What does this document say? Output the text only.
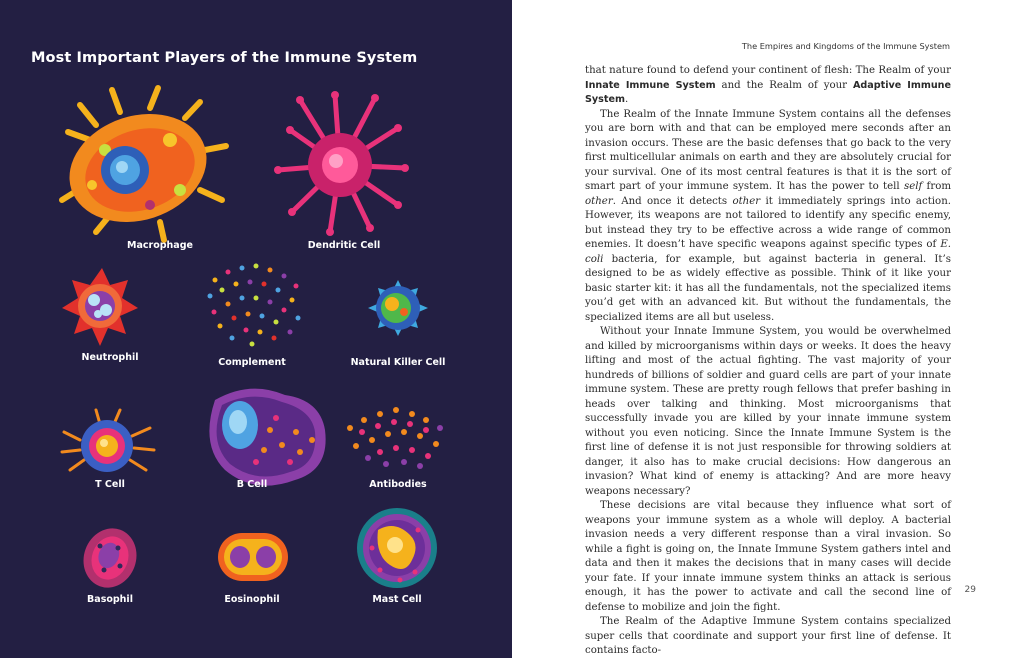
Most Important Players of the Immune System
Macrophage	Dendritic Cell
Neutrophil	Complement	Natural Killer Cell
T Cell	B Cell	Antibodies
Basophil	Eosinophil	Mast Cell
The Empires and Kingdoms of the Immune System

that nature found to defend your continent of flesh: The Realm of your Innate Immune System and the Realm of your Adaptive Immune System.

The Realm of the Innate Immune System contains all the defenses you are born with and that can be employed mere seconds after an invasion occurs. These are the basic defenses that go back to the very first multicellular animals on earth and they are absolutely crucial for your survival. One of its most central features is that it is the sort of smart part of your immune system. It has the power to tell self from other. And once it detects other it immediately springs into action. However, its weapons are not tailored to identify any specific enemy, but instead they try to be effective across a wide range of common enemies. It doesn’t have specific weapons against specific types of E. coli bacteria, for example, but against bacteria in general. It’s designed to be as widely effective as possible. Think of it like your basic starter kit: it has all the fundamentals, not the specialized items you’d get with an advanced kit. But without the fundamentals, the specialized items are all but useless.

Without your Innate Immune System, you would be overwhelmed and killed by microorganisms within days or weeks. It does the heavy lifting and most of the actual fighting. The vast majority of your hundreds of billions of soldier and guard cells are part of your innate immune system. These are pretty rough fellows that prefer bashing in heads over talking and thinking. Most microorganisms that successfully invade you are killed by your innate immune system without you even noticing. Since the Innate Immune System is the first line of defense it is not just responsible for throwing soldiers at danger, it also has to make crucial decisions: How dangerous an invasion? What kind of enemy is attacking? And are more heavy weapons necessary?

These decisions are vital because they influence what sort of weapons your immune system as a whole will deploy. A bacterial invasion needs a very different response than a viral invasion. So while a fight is going on, the Innate Immune System gathers intel and data and then it makes the decisions that in many cases will decide your fate. If your innate immune system thinks an attack is serious enough, it has the power to activate and call the second line of defense to mobilize and join the fight.

The Realm of the Adaptive Immune System contains specialized super cells that coordinate and support your first line of defense. It contains facto-

29
